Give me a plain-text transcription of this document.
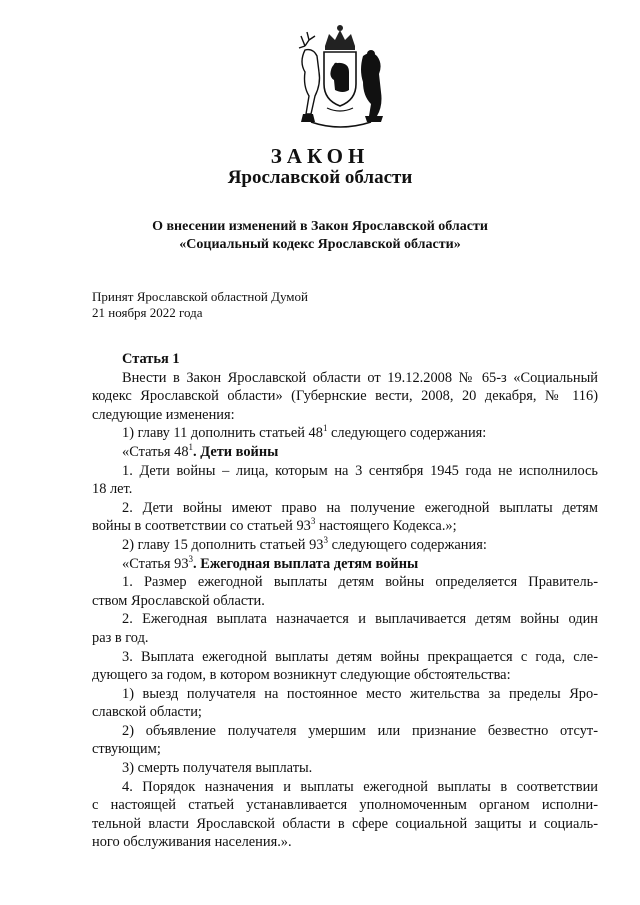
ЗАКОН
Ярославской области
О внесении изменений в Закон Ярославской области
«Социальный кодекс Ярославской области»
Принят Ярославской областной Думой
21 ноября 2022 года
Статья 1
Внести в Закон Ярославской области от 19.12.2008 № 65-з «Социальный
кодекс Ярославской области» (Губернские вести, 2008, 20 декабря, № 116)
следующие изменения:
1) главу 11 дополнить статьей $48^1$ следующего содержания:
«Статья $48^1$. Дети войны
1. Дети войны – лица, которым на 3 сентября 1945 года не исполнилось
18 лет.
2. Дети войны имеют право на получение ежегодной выплаты детям
войны в соответствии со статьей $93^3$ настоящего Кодекса.»;
2) главу 15 дополнить статьей $93^3$ следующего содержания:
«Статья $93^3$. Ежегодная выплата детям войны
1. Размер ежегодной выплаты детям войны определяется Правитель-
ством Ярославской области.
2. Ежегодная выплата назначается и выплачивается детям войны один
раз в год.
3. Выплата ежегодной выплаты детям войны прекращается с года, сле-
дующего за годом, в котором возникнут следующие обстоятельства:
1) выезд получателя на постоянное место жительства за пределы Яро-
славской области;
2) объявление получателя умершим или признание безвестно отсут-
ствующим;
3) смерть получателя выплаты.
4. Порядок назначения и выплаты ежегодной выплаты в соответствии
с настоящей статьей устанавливается уполномоченным органом исполни-
тельной власти Ярославской области в сфере социальной защиты и социаль-
ного обслуживания населения.».
